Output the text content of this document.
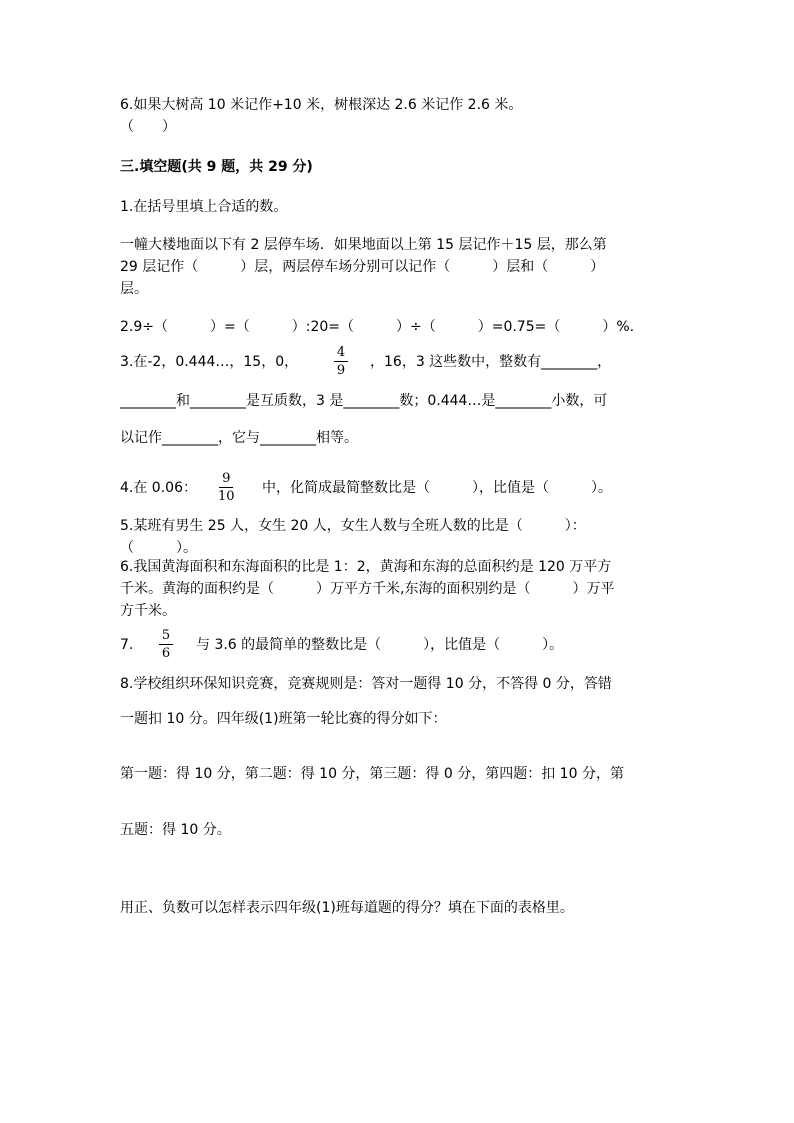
6.如果大树高 10 米记作+10 米，树根深达 2.6 米记作 2.6 米。
（　　）
三.填空题(共 9 题，共 29 分)
1.在括号里填上合适的数。
一幢大楼地面以下有 2 层停车场．如果地面以上第 15 层记作＋15 层，那么第
29 层记作（　　　）层，两层停车场分别可以记作（　　　）层和（　　　）
层。
2.9÷（　　　）=（　　　）:20=（　　　）÷（　　　）=0.75=（　　　）%.
3.在-2，0.444…，15，0，
4
9
，16，3 这些数中，整数有________，
________和________是互质数，3 是________数；0.444…是________小数，可
以记作________，它与________相等。
4.在 0.06：
9
10
中，化简成最简整数比是（　　　），比值是（　　　）。
5.某班有男生 25 人，女生 20 人，女生人数与全班人数的比是（　　　）：
（　　　）。
6.我国黄海面积和东海面积的比是 1：2，黄海和东海的总面积约是 120 万平方
千米。黄海的面积约是（　　　）万平方千米,东海的面积别约是（　　　）万平
方千米。
7.
5
6
与 3.6 的最简单的整数比是（　　　），比值是（　　　）。
8.学校组织环保知识竞赛，竞赛规则是：答对一题得 10 分，不答得 0 分，答错
一题扣 10 分。四年级(1)班第一轮比赛的得分如下：
第一题：得 10 分，第二题：得 10 分，第三题：得 0 分，第四题：扣 10 分，第
五题：得 10 分。
用正、负数可以怎样表示四年级(1)班每道题的得分？填在下面的表格里。
